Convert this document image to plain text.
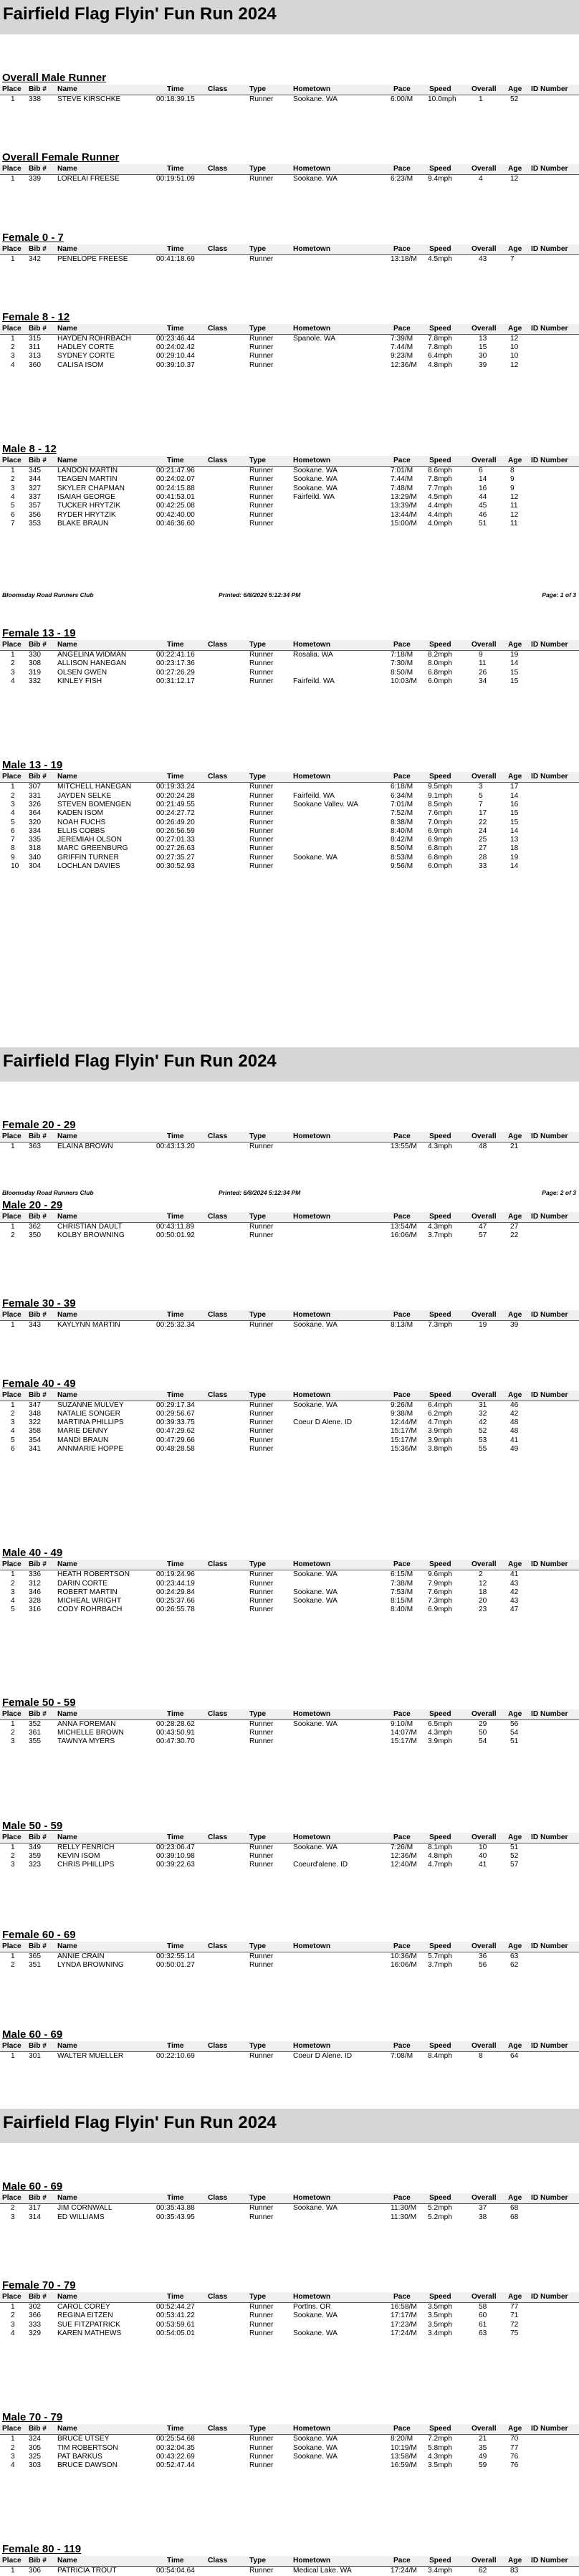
Fairfield Flag Flyin' Fun Run 2024
Overall Male Runner
Place Bib # Name	Time	Class	Type	Hometown	Pace	Speed	Overall Age ID Number
1 338 STEVE KIRSCHKE	00:18:39.15	Runner	Sookane. WA	6:00/M 10.0mph	1	52
Overall Female Runner
Place Bib # Name	Time	Class	Type	Hometown	Pace	Speed	Overall Age ID Number
1 339 LORELAI FREESE	00:19:51.09	Runner	Sookane. WA	6:23/M 9.4mph	4	12
Female 0 - 7
Place Bib # Name	Time	Class	Type	Hometown	Pace	Speed	Overall Age ID Number
1 342 PENELOPE FREESE	00:41:18.69	Runner	13:18/M 4.5mph	43	7
Female 8 - 12
Place Bib # Name	Time	Class	Type	Hometown	Pace	Speed	Overall Age ID Number
1 315 HAYDEN ROHRBACH	00:23:46.44	Runner	Spanole. WA	7:39/M 7.8mph	13	12
2 311 HADLEY CORTE	00:24:02.42	Runner	7:44/M 7.8mph	15	10
3 313 SYDNEY CORTE	00:29:10.44	Runner	9:23/M 6.4mph	30	10
4 360 CALISA ISOM	00:39:10.37	Runner	12:36/M 4.8mph	39	12
Male 8 - 12
Place Bib # Name	Time	Class	Type	Hometown	Pace	Speed	Overall Age ID Number
1 345 LANDON MARTIN	00:21:47.96	Runner	Sookane. WA	7:01/M 8.6mph	6	8
2 344 TEAGEN MARTIN	00:24:02.07	Runner	Sookane. WA	7:44/M 7.8mph	14	9
3 327 SKYLER CHAPMAN	00:24:15.88	Runner	Sookane. WA	7:48/M 7.7mph	16	9
4 337 ISAIAH GEORGE	00:41:53.01	Runner	Fairfeild. WA	13:29/M 4.5mph	44	12
5 357 TUCKER HRYTZIK	00:42:25.08	Runner	13:39/M 4.4mph	45	11
6 356 RYDER HRYTZIK	00:42:40.00	Runner	13:44/M 4.4mph	46	12
7 353 BLAKE BRAUN	00:46:36.60	Runner	15:00/M 4.0mph	51	11
Female 13 - 19
Place Bib # Name	Time	Class	Type	Hometown	Pace	Speed	Overall Age ID Number
1 330 ANGELINA WIDMAN	00:22:41.16	Runner	Rosalia. WA	7:18/M 8.2mph	9	19
2 308 ALLISON HANEGAN	00:23:17.36	Runner	7:30/M 8.0mph	11	14
3 319 OLSEN GWEN	00:27:26.29	Runner	8:50/M 6.8mph	26	15
4 332 KINLEY FISH	00:31:12.17	Runner	Fairfeild. WA	10:03/M 6.0mph	34	15
Male 13 - 19
Place Bib # Name	Time	Class	Type	Hometown	Pace	Speed	Overall Age ID Number
1 307 MITCHELL HANEGAN	00:19:33.24	Runner	6:18/M 9.5mph	3	17
2 331 JAYDEN SELKE	00:20:24.28	Runner	Fairfeild. WA	6:34/M 9.1mph	5	14
3 326 STEVEN BOMENGEN	00:21:49.55	Runner	Sookane Vallev. WA	7:01/M 8.5mph	7	16
4 364 KADEN ISOM	00:24:27.72	Runner	7:52/M 7.6mph	17	15
5 320 NOAH FUCHS	00:26:49.20	Runner	8:38/M 7.0mph	22	15
6 334 ELLIS COBBS	00:26:56.59	Runner	8:40/M 6.9mph	24	14
7 335 JEREMIAH OLSON	00:27:01.33	Runner	8:42/M 6.9mph	25	13
8 318 MARC GREENBURG	00:27:26.63	Runner	8:50/M 6.8mph	27	18
9 340 GRIFFIN TURNER	00:27:35.27	Runner	Sookane. WA	8:53/M 6.8mph	28	19
10 304 LOCHLAN DAVIES	00:30:52.93	Runner	9:56/M 6.0mph	33	14
Fairfield Flag Flyin' Fun Run 2024
Female 20 - 29
Place Bib # Name	Time	Class	Type	Hometown	Pace	Speed	Overall Age ID Number
1 363 ELAINA BROWN	00:43:13.20	Runner	13:55/M 4.3mph	48	21
Male 20 - 29
Place Bib # Name	Time	Class	Type	Hometown	Pace	Speed	Overall Age ID Number
1 362 CHRISTIAN DAULT	00:43:11.89	Runner	13:54/M 4.3mph	47	27
2 350 KOLBY BROWNING	00:50:01.92	Runner	16:06/M 3.7mph	57	22
Female 30 - 39
Place Bib # Name	Time	Class	Type	Hometown	Pace	Speed	Overall Age ID Number
1 343 KAYLYNN MARTIN	00:25:32.34	Runner	Sookane. WA	8:13/M 7.3mph	19	39
Female 40 - 49
Place Bib # Name	Time	Class	Type	Hometown	Pace	Speed	Overall Age ID Number
1 347 SUZANNE MULVEY	00:29:17.34	Runner	Sookane. WA	9:26/M 6.4mph	31	46
2 348 NATALIE SONGER	00:29:56.67	Runner	9:38/M 6.2mph	32	42
3 322 MARTINA PHILLIPS	00:39:33.75	Runner	Coeur D Alene. ID	12:44/M 4.7mph	42	48
4 358 MARIE DENNY	00:47:29.62	Runner	15:17/M 3.9mph	52	48
5 354 MANDI BRAUN	00:47:29.66	Runner	15:17/M 3.9mph	53	41
6 341 ANNMARIE HOPPE	00:48:28.58	Runner	15:36/M 3.8mph	55	49
Male 40 - 49
Place Bib # Name	Time	Class	Type	Hometown	Pace	Speed	Overall Age ID Number
1 336 HEATH ROBERTSON	00:19:24.96	Runner	Sookane. WA	6:15/M 9.6mph	2	41
2 312 DARIN CORTE	00:23:44.19	Runner	7:38/M 7.9mph	12	43
3 346 ROBERT MARTIN	00:24:29.84	Runner	Sookane. WA	7:53/M 7.6mph	18	42
4 328 MICHEAL WRIGHT	00:25:37.66	Runner	Sookane. WA	8:15/M 7.3mph	20	43
5 316 CODY ROHRBACH	00:26:55.78	Runner	8:40/M 6.9mph	23	47
Female 50 - 59
Place Bib # Name	Time	Class	Type	Hometown	Pace	Speed	Overall Age ID Number
1 352 ANNA FOREMAN	00:28:28.62	Runner	Sookane. WA	9:10/M 6.5mph	29	56
2 361 MICHELLE BROWN	00:43:50.91	Runner	14:07/M 4.3mph	50	54
3 355 TAWNYA MYERS	00:47:30.70	Runner	15:17/M 3.9mph	54	51
Male 50 - 59
Place Bib # Name	Time	Class	Type	Hometown	Pace	Speed	Overall Age ID Number
1 349 RELLY FENRICH	00:23:06.47	Runner	Sookane. WA	7:26/M 8.1mph	10	51
2 359 KEVIN ISOM	00:39:10.98	Runner	12:36/M 4.8mph	40	52
3 323 CHRIS PHILLIPS	00:39:22.63	Runner	Coeurd'alene. ID	12:40/M 4.7mph	41	57
Female 60 - 69
Place Bib # Name	Time	Class	Type	Hometown	Pace	Speed	Overall Age ID Number
1 365 ANNIE CRAIN	00:32:55.14	Runner	10:36/M 5.7mph	36	63
2 351 LYNDA BROWNING	00:50:01.27	Runner	16:06/M 3.7mph	56	62
Male 60 - 69
Place Bib # Name	Time	Class	Type	Hometown	Pace	Speed	Overall Age ID Number
1 301 WALTER MUELLER	00:22:10.69	Runner	Coeur D Alene. ID	7:08/M 8.4mph	8	64
Fairfield Flag Flyin' Fun Run 2024
Male 60 - 69
Place Bib # Name	Time	Class	Type	Hometown	Pace	Speed	Overall Age ID Number
2 317 JIM CORNWALL	00:35:43.88	Runner	Sookane. WA	11:30/M 5.2mph	37	68
3 314 ED WILLIAMS	00:35:43.95	Runner	11:30/M 5.2mph	38	68
Female 70 - 79
Place Bib # Name	Time	Class	Type	Hometown	Pace	Speed	Overall Age ID Number
1 302 CAROL COREY	00:52:44.27	Runner	Portlns. OR	16:58/M 3.5mph	58	77
2 366 REGINA EITZEN	00:53:41.22	Runner	Sookane. WA	17:17/M 3.5mph	60	71
3 333 SUE FITZPATRICK	00:53:59.61	Runner	17:23/M 3.5mph	61	72
4 329 KAREN MATHEWS	00:54:05.01	Runner	Sookane. WA	17:24/M 3.4mph	63	75
Male 70 - 79
Place Bib # Name	Time	Class	Type	Hometown	Pace	Speed	Overall Age ID Number
1 324 BRUCE UTSEY	00:25:54.68	Runner	Sookane. WA	8:20/M 7.2mph	21	70
2 305 TIM ROBERTSON	00:32:04.35	Runner	Sookane. WA	10:19/M 5.8mph	35	77
3 325 PAT BARKUS	00:43:22.69	Runner	Sookane. WA	13:58/M 4.3mph	49	76
4 303 BRUCE DAWSON	00:52:47.44	Runner	16:59/M 3.5mph	59	76
Female 80 - 119
Place Bib # Name	Time	Class	Type	Hometown	Pace	Speed	Overall Age ID Number
1 306 PATRICIA TROUT	00:54:04.64	Runner	Medical Lake. WA	17:24/M 3.4mph	62	83
Bloomsday Road Runners Club	Printed: 6/8/2024 5:12:34 PM	Page: 1 of 3
Bloomsday Road Runners Club	Printed: 6/8/2024 5:12:34 PM	Page: 2 of 3
